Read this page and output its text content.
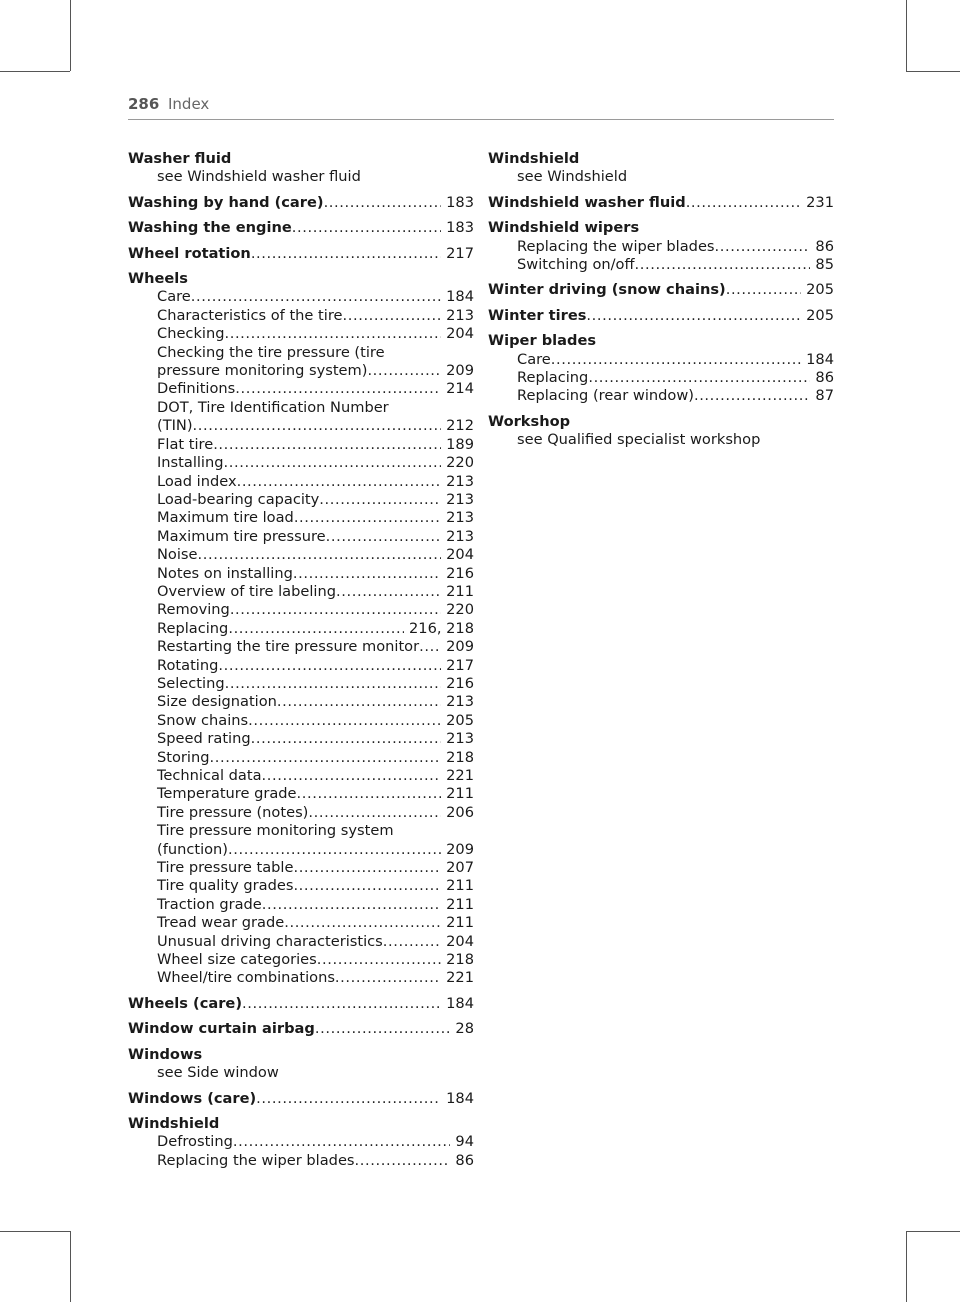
286 Index
Washer fluid
see Windshield washer fluid
Washing by hand (care) .....	183
Washing the engine .....	183
Wheel rotation .....	217
Wheels
Care .....	184
Characteristics of the tire .....	213
Checking .....	204
Checking the tire pressure (tire
pressure monitoring system) .....	209
Definitions .....	214
DOT, Tire Identification Number
(TIN) .....	212
Flat tire .....	189
Installing .....	220
Load index .....	213
Load-bearing capacity .....	213
Maximum tire load .....	213
Maximum tire pressure .....	213
Noise .....	204
Notes on installing .....	216
Overview of tire labeling .....	211
Removing .....	220
Replacing .....	216, 218
Restarting the tire pressure monitor ..... 209
Rotating .....	217
Selecting .....	216
Size designation .....	213
Snow chains .....	205
Speed rating .....	213
Storing .....	218
Technical data .....	221
Temperature grade .....	211
Tire pressure (notes) .....	206
Tire pressure monitoring system
(function) .....	209
Tire pressure table .....	207
Tire quality grades .....	211
Traction grade .....	211
Tread wear grade .....	211
Unusual driving characteristics .....	204
Wheel size categories .....	218
Wheel/tire combinations .....	221
Wheels (care) .....	184
Window curtain airbag .....	28
Windows
see Side window
Windows (care) .....	184
Windshield
Defrosting .....	94
Replacing the wiper blades .....	86
Windshield
see Windshield
Windshield washer fluid .....	231
Windshield wipers
Replacing the wiper blades .....	86
Switching on/off .....	85
Winter driving (snow chains) .....	205
Winter tires .....	205
Wiper blades
Care .....	184
Replacing .....	86
Replacing (rear window) .....	87
Workshop
see Qualified specialist workshop
